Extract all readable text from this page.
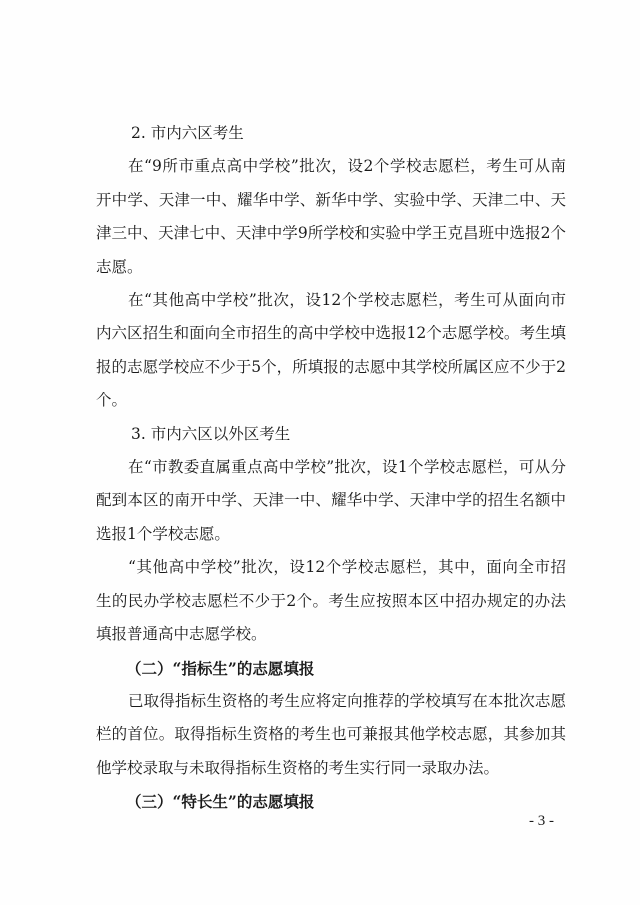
2. 市内六区考生

在“9所市重点高中学校”批次，设2个学校志愿栏，考生可从南开中学、天津一中、耀华中学、新华中学、实验中学、天津二中、天津三中、天津七中、天津中学9所学校和实验中学王克昌班中选报2个志愿。

在“其他高中学校”批次，设12个学校志愿栏，考生可从面向市内六区招生和面向全市招生的高中学校中选报12个志愿学校。考生填报的志愿学校应不少于5个，所填报的志愿中其学校所属区应不少于2个。

3. 市内六区以外区考生

在“市教委直属重点高中学校”批次，设1个学校志愿栏，可从分配到本区的南开中学、天津一中、耀华中学、天津中学的招生名额中选报1个学校志愿。

“其他高中学校”批次，设12个学校志愿栏，其中，面向全市招生的民办学校志愿栏不少于2个。考生应按照本区中招办规定的办法填报普通高中志愿学校。

（二）“指标生”的志愿填报

已取得指标生资格的考生应将定向推荐的学校填写在本批次志愿栏的首位。取得指标生资格的考生也可兼报其他学校志愿，其参加其他学校录取与未取得指标生资格的考生实行同一录取办法。

（三）“特长生”的志愿填报

- 3 -
